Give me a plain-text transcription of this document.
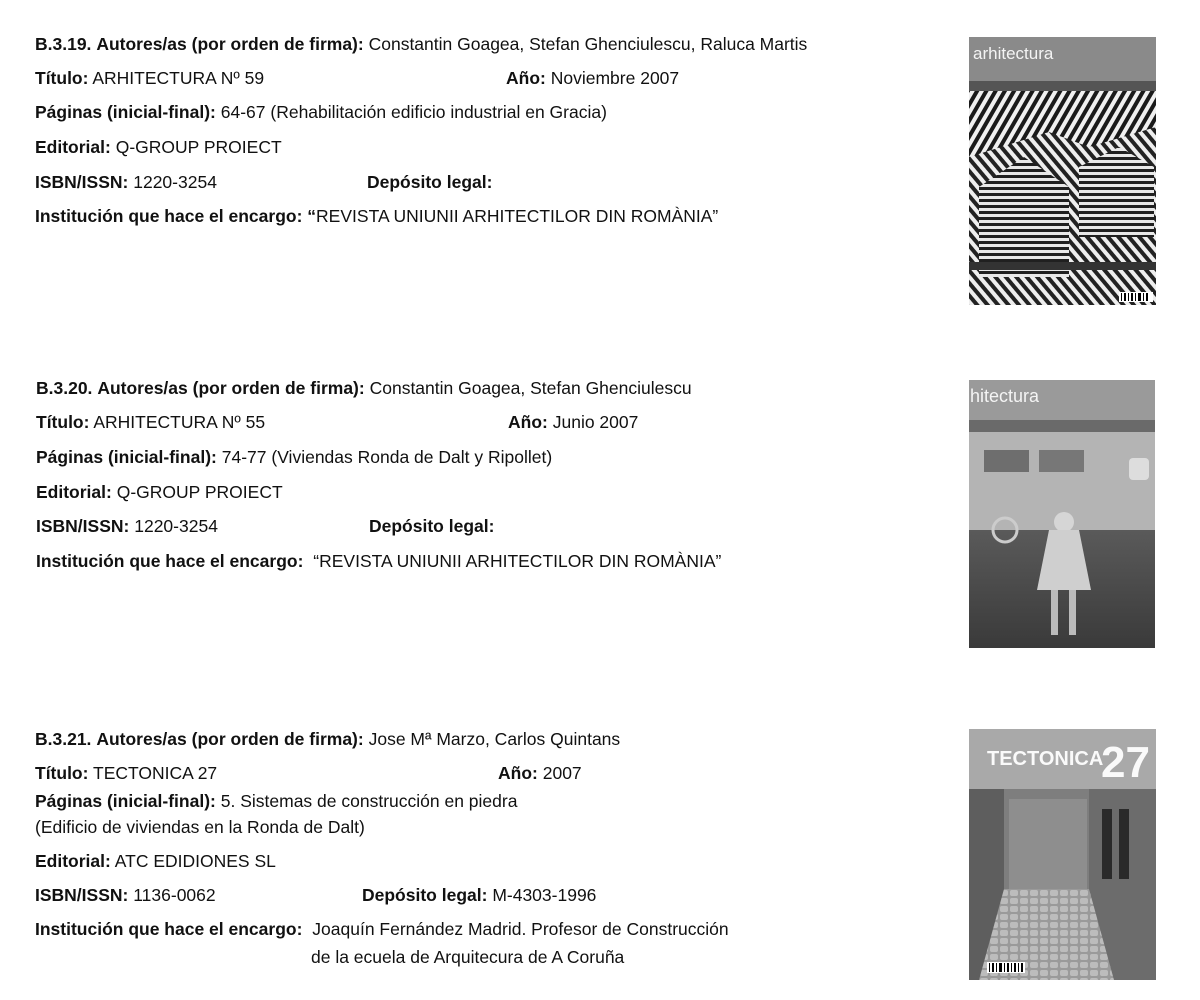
B.3.19. Autores/as (por orden de firma): Constantin Goagea, Stefan Ghenciulescu, Raluca Martis
Título: ARHITECTURA Nº 59	Año: Noviembre 2007
Páginas (inicial-final): 64-67 (Rehabilitación edificio industrial en Gracia)
Editorial: Q-GROUP PROIECT
ISBN/ISSN: 1220-3254	Depósito legal:
Institución que hace el encargo: “REVISTA UNIUNII ARHITECTILOR DIN ROMÀNIA”
arhitectura
B.3.20. Autores/as (por orden de firma): Constantin Goagea, Stefan Ghenciulescu
Título: ARHITECTURA Nº 55	Año: Junio 2007
Páginas (inicial-final): 74-77 (Viviendas Ronda de Dalt y Ripollet)
Editorial: Q-GROUP PROIECT
ISBN/ISSN: 1220-3254	Depósito legal:
Institución que hace el encargo: “REVISTA UNIUNII ARHITECTILOR DIN ROMÀNIA”
hitectura
B.3.21. Autores/as (por orden de firma): Jose Mª Marzo, Carlos Quintans
Título: TECTONICA 27	Año: 2007
Páginas (inicial-final): 5. Sistemas de construcción en piedra
(Edificio de viviendas en la Ronda de Dalt)
Editorial: ATC EDIDIONES SL
ISBN/ISSN: 1136-0062	Depósito legal: M-4303-1996
Institución que hace el encargo: Joaquín Fernández Madrid. Profesor de Construcción
de la ecuela de Arquitecura de A Coruña
TECTONICA
27
